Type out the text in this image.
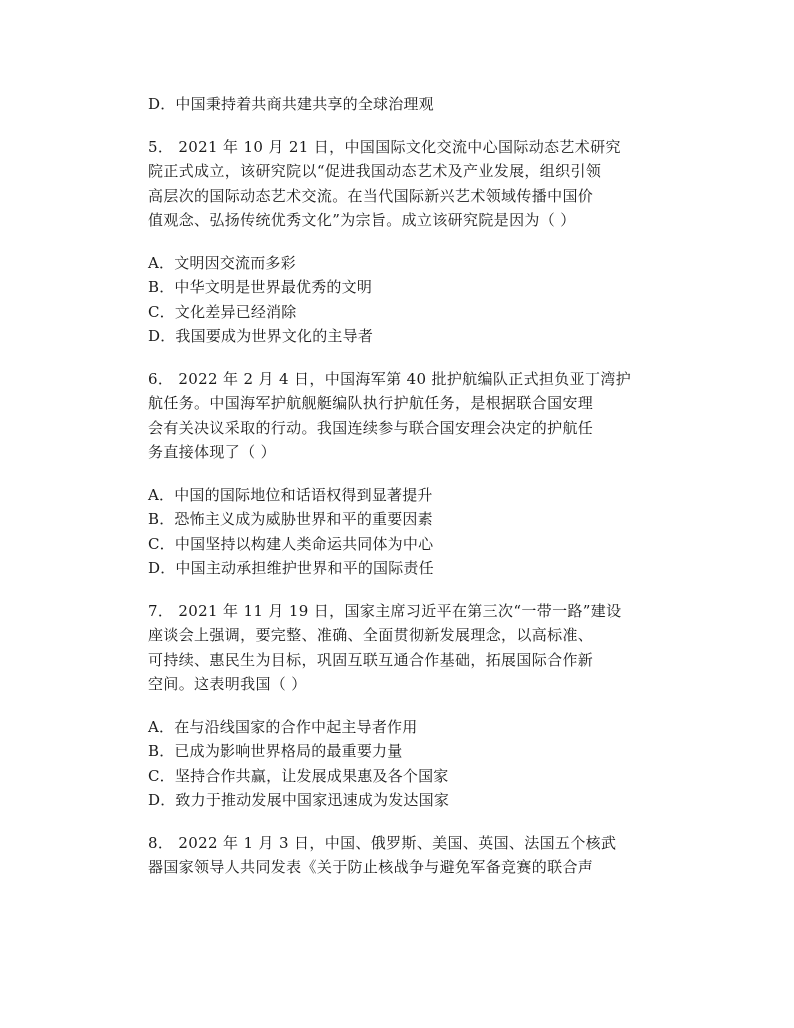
D．中国秉持着共商共建共享的全球治理观
5． 2021 年 10 月 21 日，中国国际文化交流中心国际动态艺术研究
院正式成立，该研究院以“促进我国动态艺术及产业发展，组织引领
高层次的国际动态艺术交流。在当代国际新兴艺术领域传播中国价
值观念、弘扬传统优秀文化”为宗旨。成立该研究院是因为（ ）
A．文明因交流而多彩
B．中华文明是世界最优秀的文明
C．文化差异已经消除
D．我国要成为世界文化的主导者
6． 2022 年 2 月 4 日，中国海军第 40 批护航编队正式担负亚丁湾护
航任务。中国海军护航舰艇编队执行护航任务，是根据联合国安理
会有关决议采取的行动。我国连续参与联合国安理会决定的护航任
务直接体现了（ ）
A．中国的国际地位和话语权得到显著提升
B．恐怖主义成为威胁世界和平的重要因素
C．中国坚持以构建人类命运共同体为中心
D．中国主动承担维护世界和平的国际责任
7． 2021 年 11 月 19 日，国家主席习近平在第三次“一带一路”建设
座谈会上强调，要完整、准确、全面贯彻新发展理念，以高标准、
可持续、惠民生为目标，巩固互联互通合作基础，拓展国际合作新
空间。这表明我国（ ）
A．在与沿线国家的合作中起主导者作用
B．已成为影响世界格局的最重要力量
C．坚持合作共赢，让发展成果惠及各个国家
D．致力于推动发展中国家迅速成为发达国家
8． 2022 年 1 月 3 日，中国、俄罗斯、美国、英国、法国五个核武
器国家领导人共同发表《关于防止核战争与避免军备竞赛的联合声
